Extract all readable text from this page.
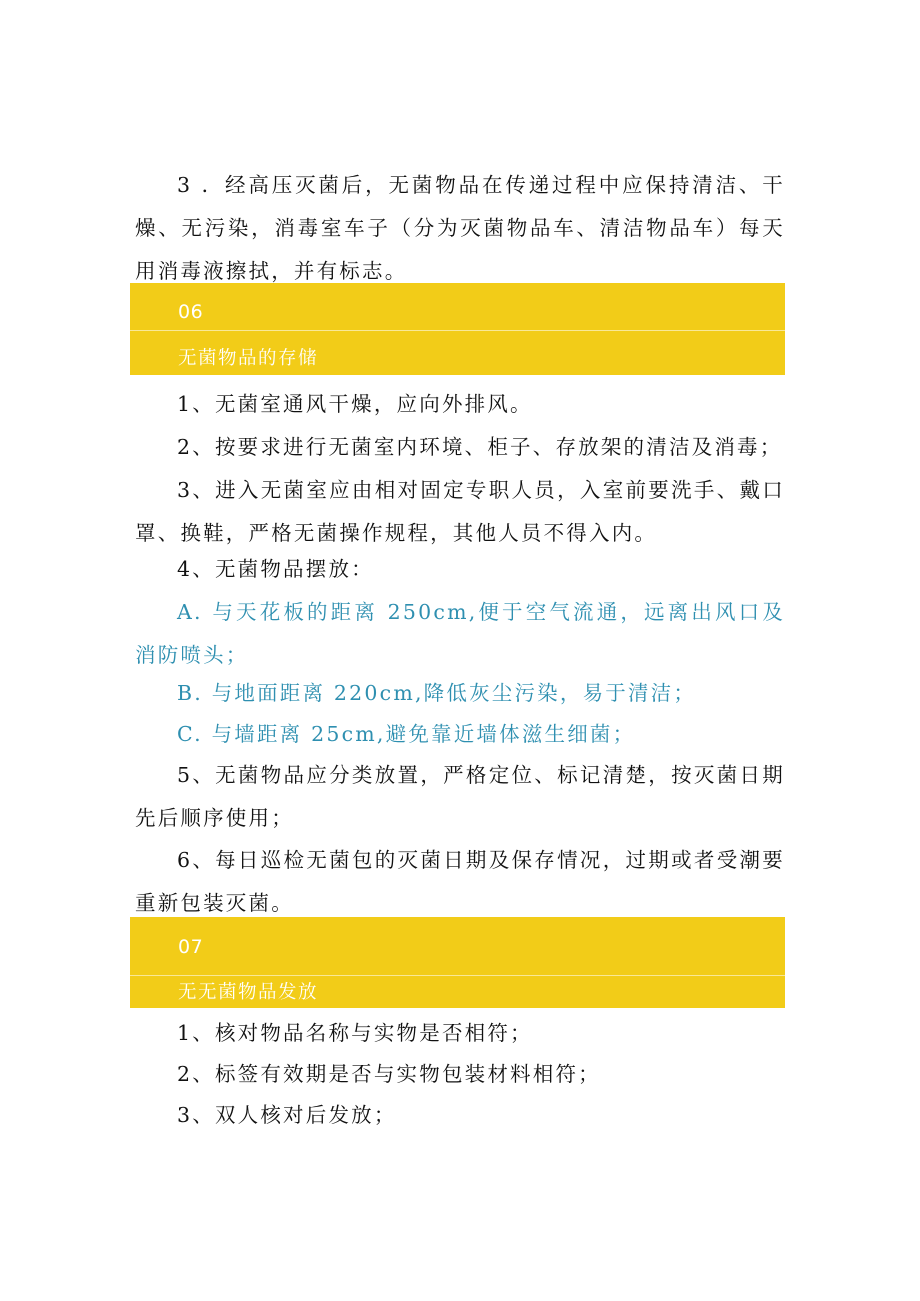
3 ．经高压灭菌后，无菌物品在传递过程中应保持清洁、干燥、无污染，消毒室车子（分为灭菌物品车、清洁物品车）每天用消毒液擦拭，并有标志。

06
无菌物品的存储

1、无菌室通风干燥，应向外排风。

2、按要求进行无菌室内环境、柜子、存放架的清洁及消毒；

3、进入无菌室应由相对固定专职人员，入室前要洗手、戴口罩、换鞋，严格无菌操作规程，其他人员不得入内。

4、无菌物品摆放：

A. 与天花板的距离 250cm,便于空气流通，远离出风口及消防喷头；

B. 与地面距离 220cm,降低灰尘污染，易于清洁；

C. 与墙距离 25cm,避免靠近墙体滋生细菌；

5、无菌物品应分类放置，严格定位、标记清楚，按灭菌日期先后顺序使用；

6、每日巡检无菌包的灭菌日期及保存情况，过期或者受潮要重新包装灭菌。

07
无无菌物品发放

1、核对物品名称与实物是否相符；

2、标签有效期是否与实物包装材料相符；

3、双人核对后发放；
